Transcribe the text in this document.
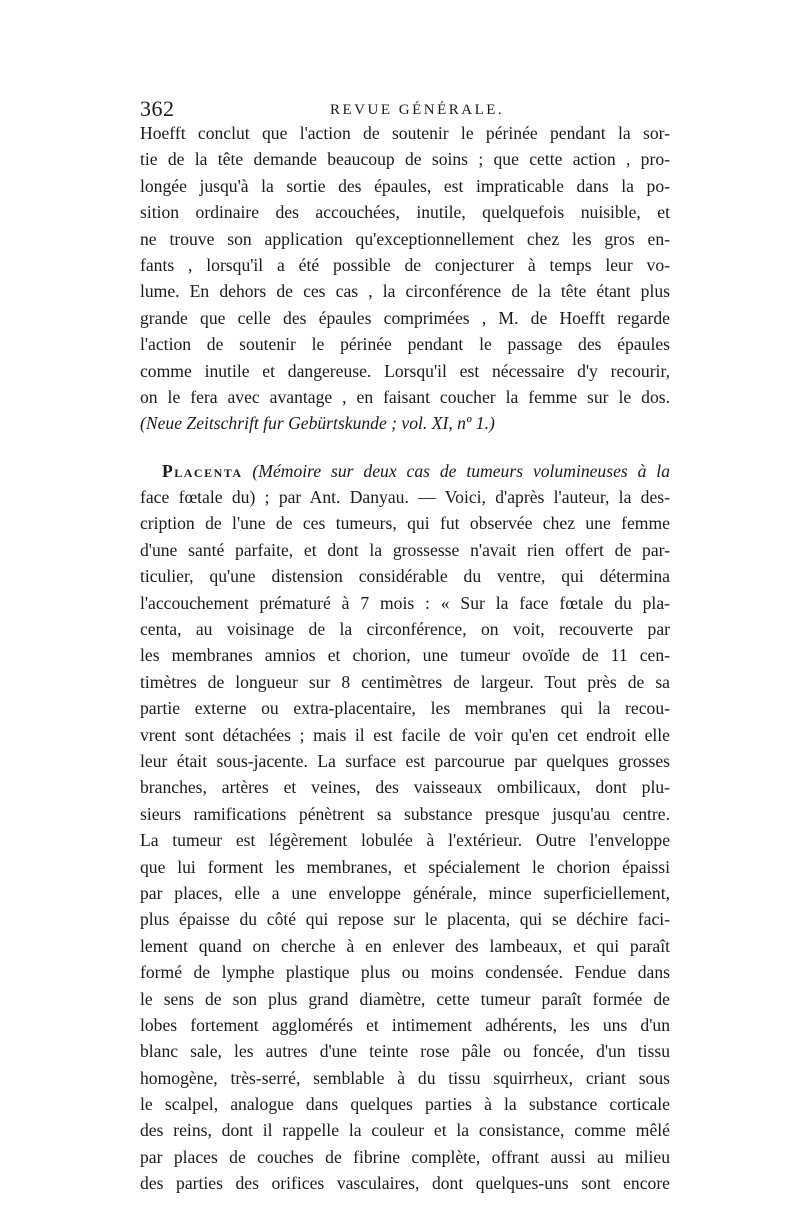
362	REVUE GÉNÉRALE.
Hoefft conclut que l'action de soutenir le périnée pendant la sor-
tie de la tête demande beaucoup de soins ; que cette action , pro-
longée jusqu'à la sortie des épaules, est impraticable dans la po-
sition ordinaire des accouchées, inutile, quelquefois nuisible, et
ne trouve son application qu'exceptionnellement chez les gros en-
fants , lorsqu'il a été possible de conjecturer à temps leur vo-
lume. En dehors de ces cas , la circonférence de la tête étant plus
grande que celle des épaules comprimées , M. de Hoefft regarde
l'action de soutenir le périnée pendant le passage des épaules
comme inutile et dangereuse. Lorsqu'il est nécessaire d'y recourir,
on le fera avec avantage , en faisant coucher la femme sur le dos.
(Neue Zeitschrift fur Gebürtskunde ; vol. XI, nº 1.)
Placenta (Mémoire sur deux cas de tumeurs volumineuses à la
face fœtale du) ; par Ant. Danyau. — Voici, d'après l'auteur, la des-
cription de l'une de ces tumeurs, qui fut observée chez une femme
d'une santé parfaite, et dont la grossesse n'avait rien offert de par-
ticulier, qu'une distension considérable du ventre, qui détermina
l'accouchement prématuré à 7 mois : « Sur la face fœtale du pla-
centa, au voisinage de la circonférence, on voit, recouverte par
les membranes amnios et chorion, une tumeur ovoïde de 11 cen-
timètres de longueur sur 8 centimètres de largeur. Tout près de sa
partie externe ou extra-placentaire, les membranes qui la recou-
vrent sont détachées ; mais il est facile de voir qu'en cet endroit elle
leur était sous-jacente. La surface est parcourue par quelques grosses
branches, artères et veines, des vaisseaux ombilicaux, dont plu-
sieurs ramifications pénètrent sa substance presque jusqu'au centre.
La tumeur est légèrement lobulée à l'extérieur. Outre l'enveloppe
que lui forment les membranes, et spécialement le chorion épaissi
par places, elle a une enveloppe générale, mince superficiellement,
plus épaisse du côté qui repose sur le placenta, qui se déchire faci-
lement quand on cherche à en enlever des lambeaux, et qui paraît
formé de lymphe plastique plus ou moins condensée. Fendue dans
le sens de son plus grand diamètre, cette tumeur paraît formée de
lobes fortement agglomérés et intimement adhérents, les uns d'un
blanc sale, les autres d'une teinte rose pâle ou foncée, d'un tissu
homogène, très-serré, semblable à du tissu squirrheux, criant sous
le scalpel, analogue dans quelques parties à la substance corticale
des reins, dont il rappelle la couleur et la consistance, comme mêlé
par places de couches de fibrine complète, offrant aussi au milieu
des parties des orifices vasculaires, dont quelques-uns sont encore
